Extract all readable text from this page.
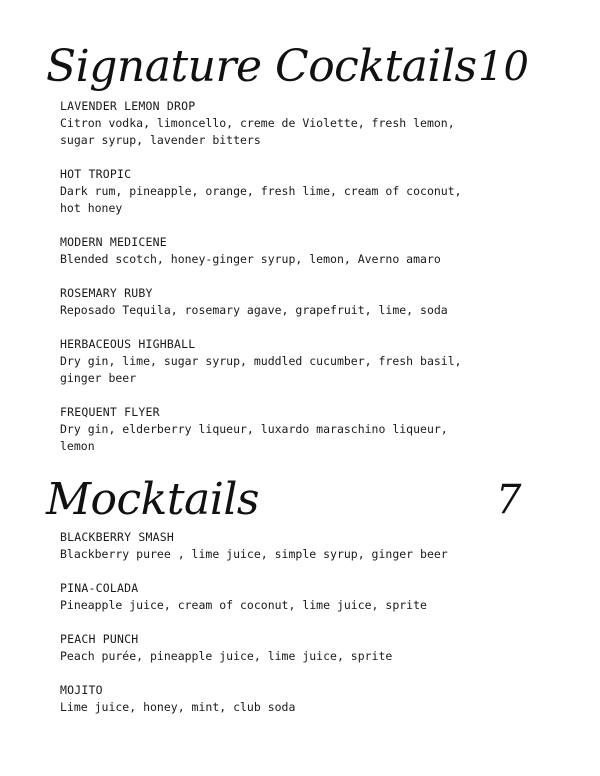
Signature Cocktails 10
LAVENDER LEMON DROP
Citron vodka, limoncello, creme de Violette, fresh lemon, sugar syrup, lavender bitters
HOT TROPIC
Dark rum, pineapple, orange, fresh lime, cream of coconut, hot honey
MODERN MEDICENE
Blended scotch, honey-ginger syrup, lemon, Averno amaro
ROSEMARY RUBY
Reposado Tequila, rosemary agave, grapefruit, lime, soda
HERBACEOUS HIGHBALL
Dry gin, lime, sugar syrup, muddled cucumber, fresh basil, ginger beer
FREQUENT FLYER
Dry gin, elderberry liqueur, luxardo maraschino liqueur, lemon
Mocktails	7
BLACKBERRY SMASH
Blackberry puree , lime juice, simple syrup, ginger beer
PINA-COLADA
Pineapple juice, cream of coconut, lime juice, sprite
PEACH PUNCH
Peach purée, pineapple juice, lime juice, sprite
MOJITO
Lime juice, honey, mint, club soda
